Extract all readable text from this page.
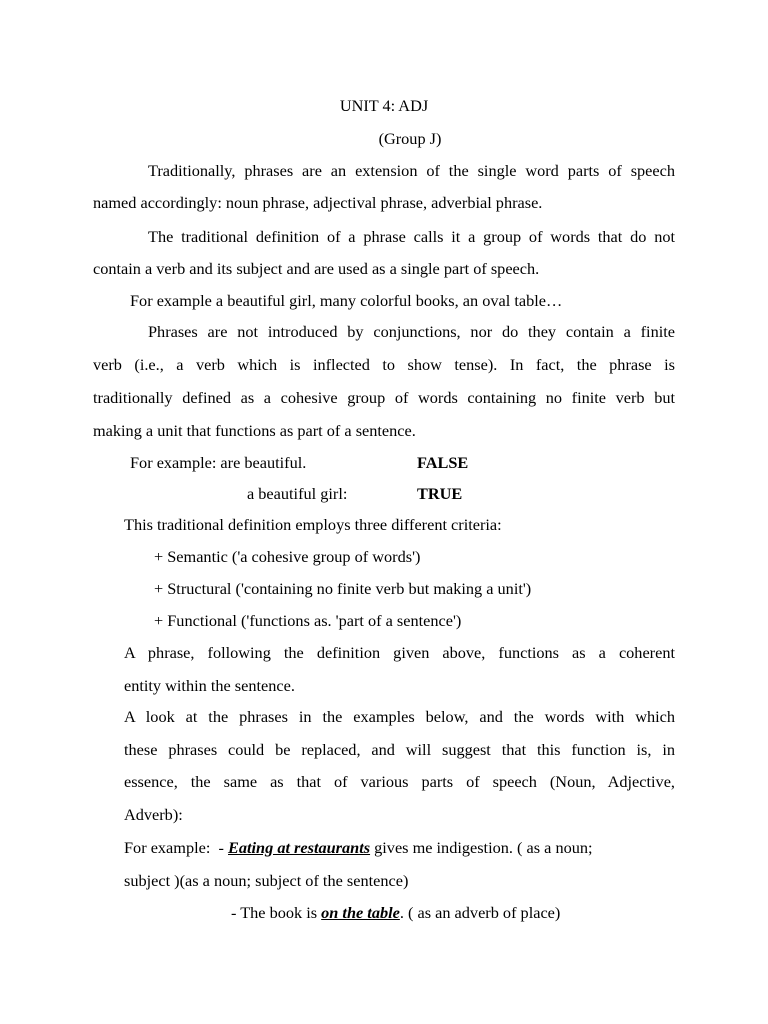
UNIT 4: ADJ
(Group J)
Traditionally, phrases are an extension of the single word parts of speech
named accordingly: noun phrase, adjectival phrase, adverbial phrase.
The traditional definition of a phrase calls it a group of words that do not
contain a verb and its subject and are used as a single part of speech.
For example a beautiful girl, many colorful books, an oval table…
Phrases are not introduced by conjunctions, nor do they contain a finite
verb (i.e., a verb which is inflected to show tense). In fact, the phrase is
traditionally defined as a cohesive group of words containing no finite verb but
making a unit that functions as part of a sentence.
For example: are beautiful.	FALSE
a beautiful girl:	TRUE
This traditional definition employs three different criteria:
+ Semantic ('a cohesive group of words')
+ Structural ('containing no finite verb but making a unit')
+ Functional ('functions as. 'part of a sentence')
A phrase, following the definition given above, functions as a coherent
entity within the sentence.
A look at the phrases in the examples below, and the words with which
these phrases could be replaced, and will suggest that this function is, in
essence, the same as that of various parts of speech (Noun, Adjective,
Adverb):
For example:  - Eating at restaurants gives me indigestion. ( as a noun;
subject )(as a noun; subject of the sentence)
- The book is on the table. ( as an adverb of place)
